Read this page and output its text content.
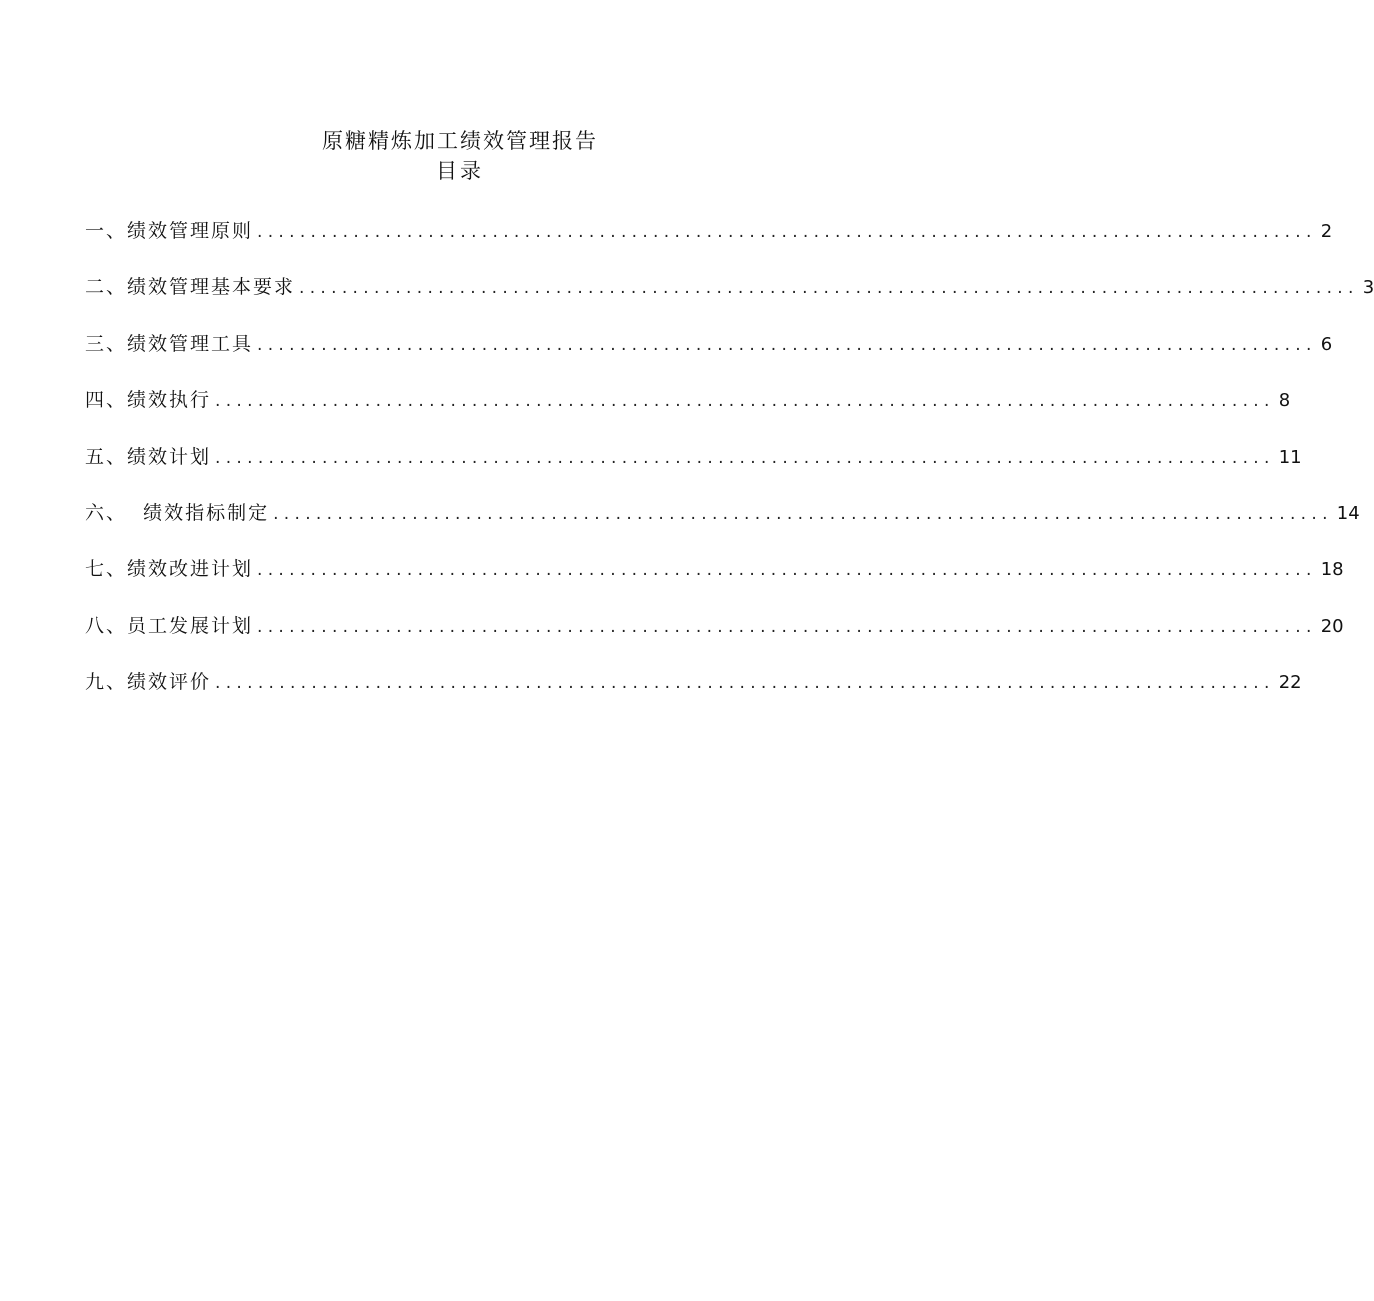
原糖精炼加工绩效管理报告
目录
一、绩效管理原则 ................................................................................................... 2
二、绩效管理基本要求 ................................................................................................... 3
三、绩效管理工具 ................................................................................................... 6
四、绩效执行 ................................................................................................... 8
五、绩效计划 ................................................................................................... 11
六、  绩效指标制定 ................................................................................................... 14
七、绩效改进计划 ................................................................................................... 18
八、员工发展计划 ................................................................................................... 20
九、绩效评价 ................................................................................................... 22
